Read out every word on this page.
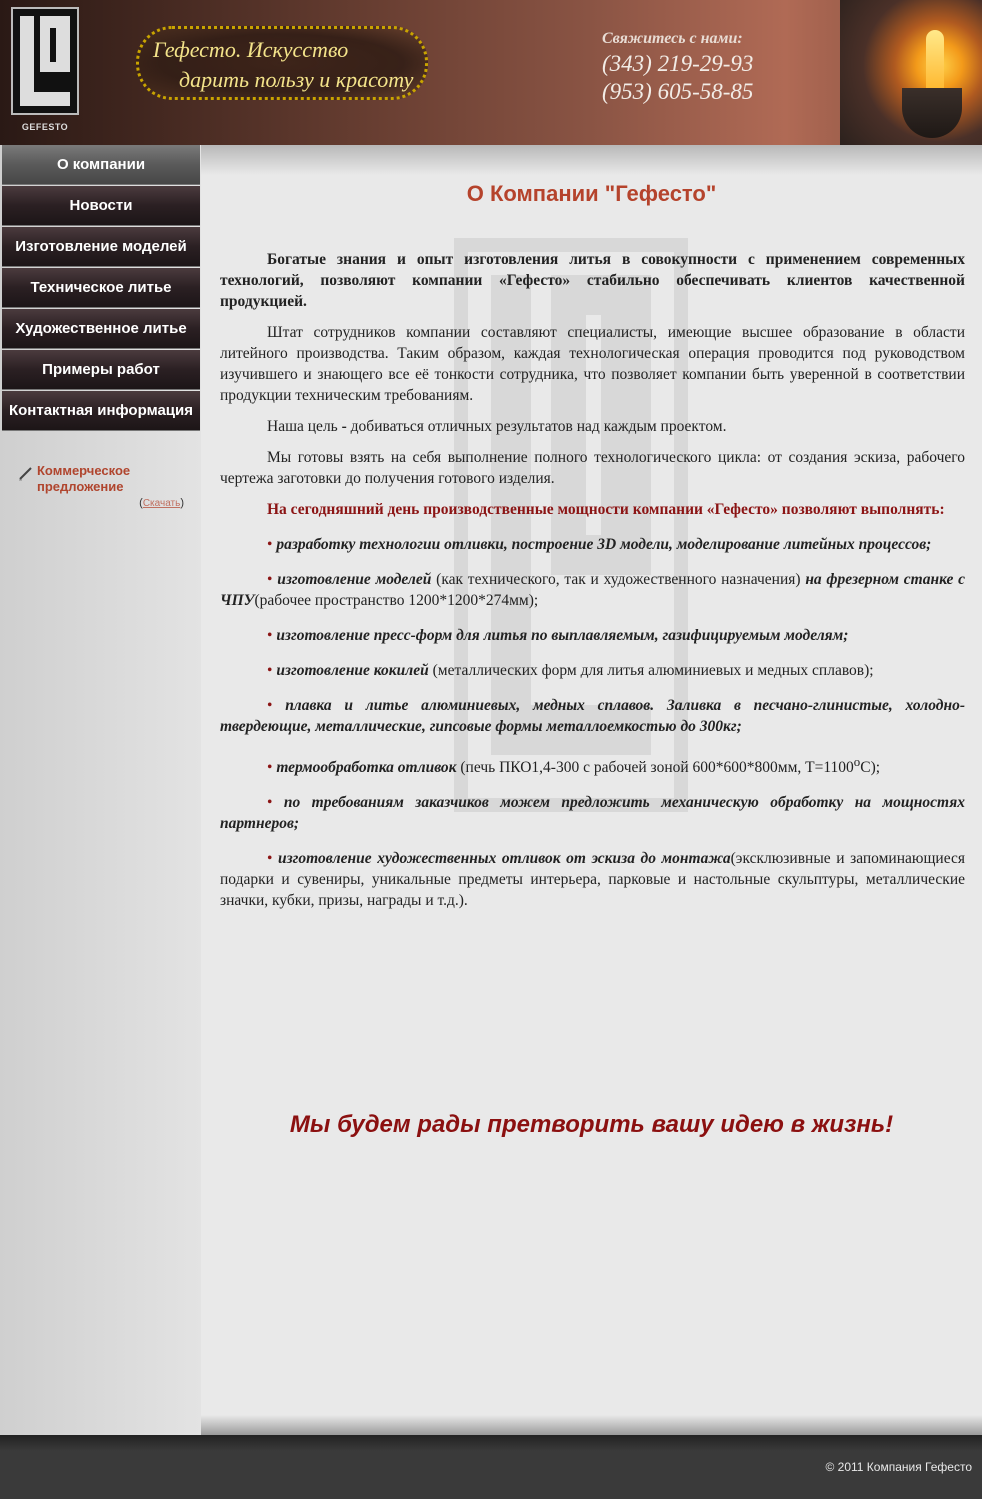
GEFESTO
Гефесто. Искусство
дарить пользу и красоту
Свяжитесь с нами:
(343) 219-29-93
(953) 605-58-85
О компании
Новости
Изготовление моделей
Техническое литье
Художественное литье
Примеры работ
Контактная информация
Коммерческое предложение
(Скачать)
О Компании "Гефесто"

Богатые знания и опыт изготовления литья в совокупности с применением современных технологий, позволяют компании «Гефесто» стабильно обеспечивать клиентов качественной продукцией.

Штат сотрудников компании составляют специалисты, имеющие высшее образование в области литейного производства. Таким образом, каждая технологическая операция проводится под руководством изучившего и знающего все её тонкости сотрудника, что позволяет компании быть уверенной в соответствии продукции техническим требованиям.

Наша цель - добиваться отличных результатов над каждым проектом.

Мы готовы взять на себя выполнение полного технологического цикла: от создания эскиза, рабочего чертежа заготовки до получения готового изделия.

На сегодняшний день производственные мощности компании «Гефесто» позволяют выполнять:

• разработку технологии отливки, построение 3D модели, моделирование литейных процессов;

• изготовление моделей (как технического, так и художественного назначения) на фрезерном станке с ЧПУ(рабочее пространство 1200*1200*274мм);

• изготовление пресс-форм для литья по выплавляемым, газифицируемым моделям;

• изготовление кокилей (металлических форм для литья алюминиевых и медных сплавов);

• плавка и литье алюминиевых, медных сплавов. Заливка в песчано-глинистые, холодно-твердеющие, металлические, гипсовые формы металлоемкостью до 300кг;

• термообработка отливок (печь ПКО1,4-300 с рабочей зоной 600*600*800мм, $Т=1100^оС$);

• по требованиям заказчиков можем предложить механическую обработку на мощностях партнеров;

• изготовление художественных отливок от эскиза до монтажа(эксклюзивные и запоминающиеся подарки и сувениры, уникальные предметы интерьера, парковые и настольные скульптуры, металлические значки, кубки, призы, награды и т.д.).

Мы будем рады претворить вашу идею в жизнь!
© 2011 Компания Гефесто
